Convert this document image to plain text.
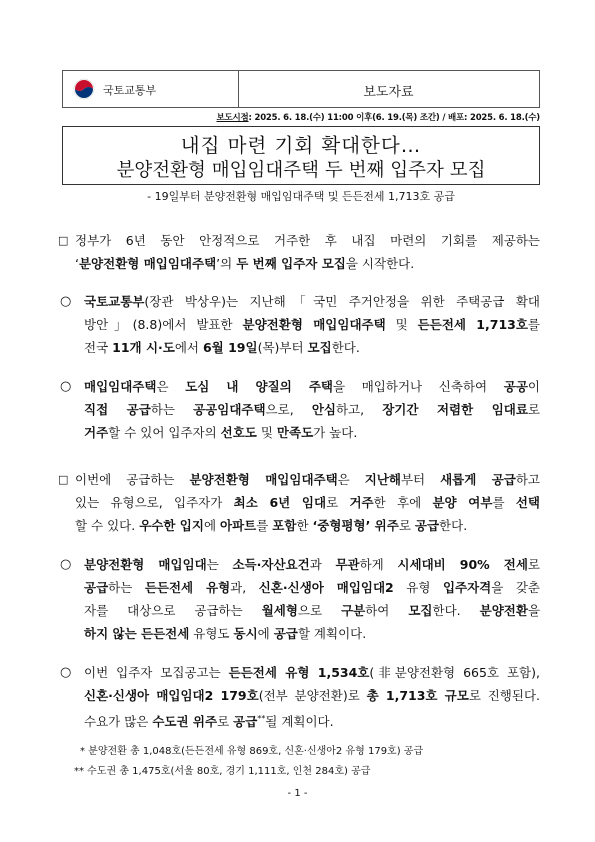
국토교통부	보도자료
보도시점: 2025. 6. 18.(수) 11:00 이후(6. 19.(목) 조간) / 배포: 2025. 6. 18.(수)
내집 마련 기회 확대한다…
분양전환형 매입임대주택 두 번째 입주자 모집
- 19일부터 분양전환형 매입임대주택 및 든든전세 1,713호 공급
□ 정부가 6년 동안 안정적으로 거주한 후 내집 마련의 기회를 제공하는
‘분양전환형 매입임대주택’의 두 번째 입주자 모집을 시작한다.
○ 국토교통부(장관 박상우)는 지난해「국민 주거안정을 위한 주택공급 확대
방안」(8.8)에서 발표한 분양전환형 매입임대주택 및 든든전세 1,713호를
전국 11개 시·도에서 6월 19일(목)부터 모집한다.
○ 매입임대주택은 도심 내 양질의 주택을 매입하거나 신축하여 공공이
직접 공급하는 공공임대주택으로, 안심하고, 장기간 저렴한 임대료로
거주할 수 있어 입주자의 선호도 및 만족도가 높다.
□ 이번에 공급하는 분양전환형 매입임대주택은 지난해부터 새롭게 공급하고
있는 유형으로, 입주자가 최소 6년 임대로 거주한 후에 분양 여부를 선택
할 수 있다. 우수한 입지에 아파트를 포함한 ‘중형평형’ 위주로 공급한다.
○ 분양전환형 매입임대는 소득·자산요건과 무관하게 시세대비 90% 전세로
공급하는 든든전세 유형과, 신혼·신생아 매입임대2 유형 입주자격을 갖춘
자를 대상으로 공급하는 월세형으로 구분하여 모집한다. 분양전환을
하지 않는 든든전세 유형도 동시에 공급할 계획이다.
○ 이번 입주자 모집공고는 든든전세 유형 1,534호(非분양전환형 665호 포함),
신혼·신생아 매입임대2 179호(전부 분양전환)로 총 1,713호 규모로 진행된다.
수요가 많은 수도권 위주로 공급**될 계획이다.
* 분양전환 총 1,048호(든든전세 유형 869호, 신혼·신생아2 유형 179호) 공급
** 수도권 총 1,475호(서울 80호, 경기 1,111호, 인천 284호) 공급
- 1 -
